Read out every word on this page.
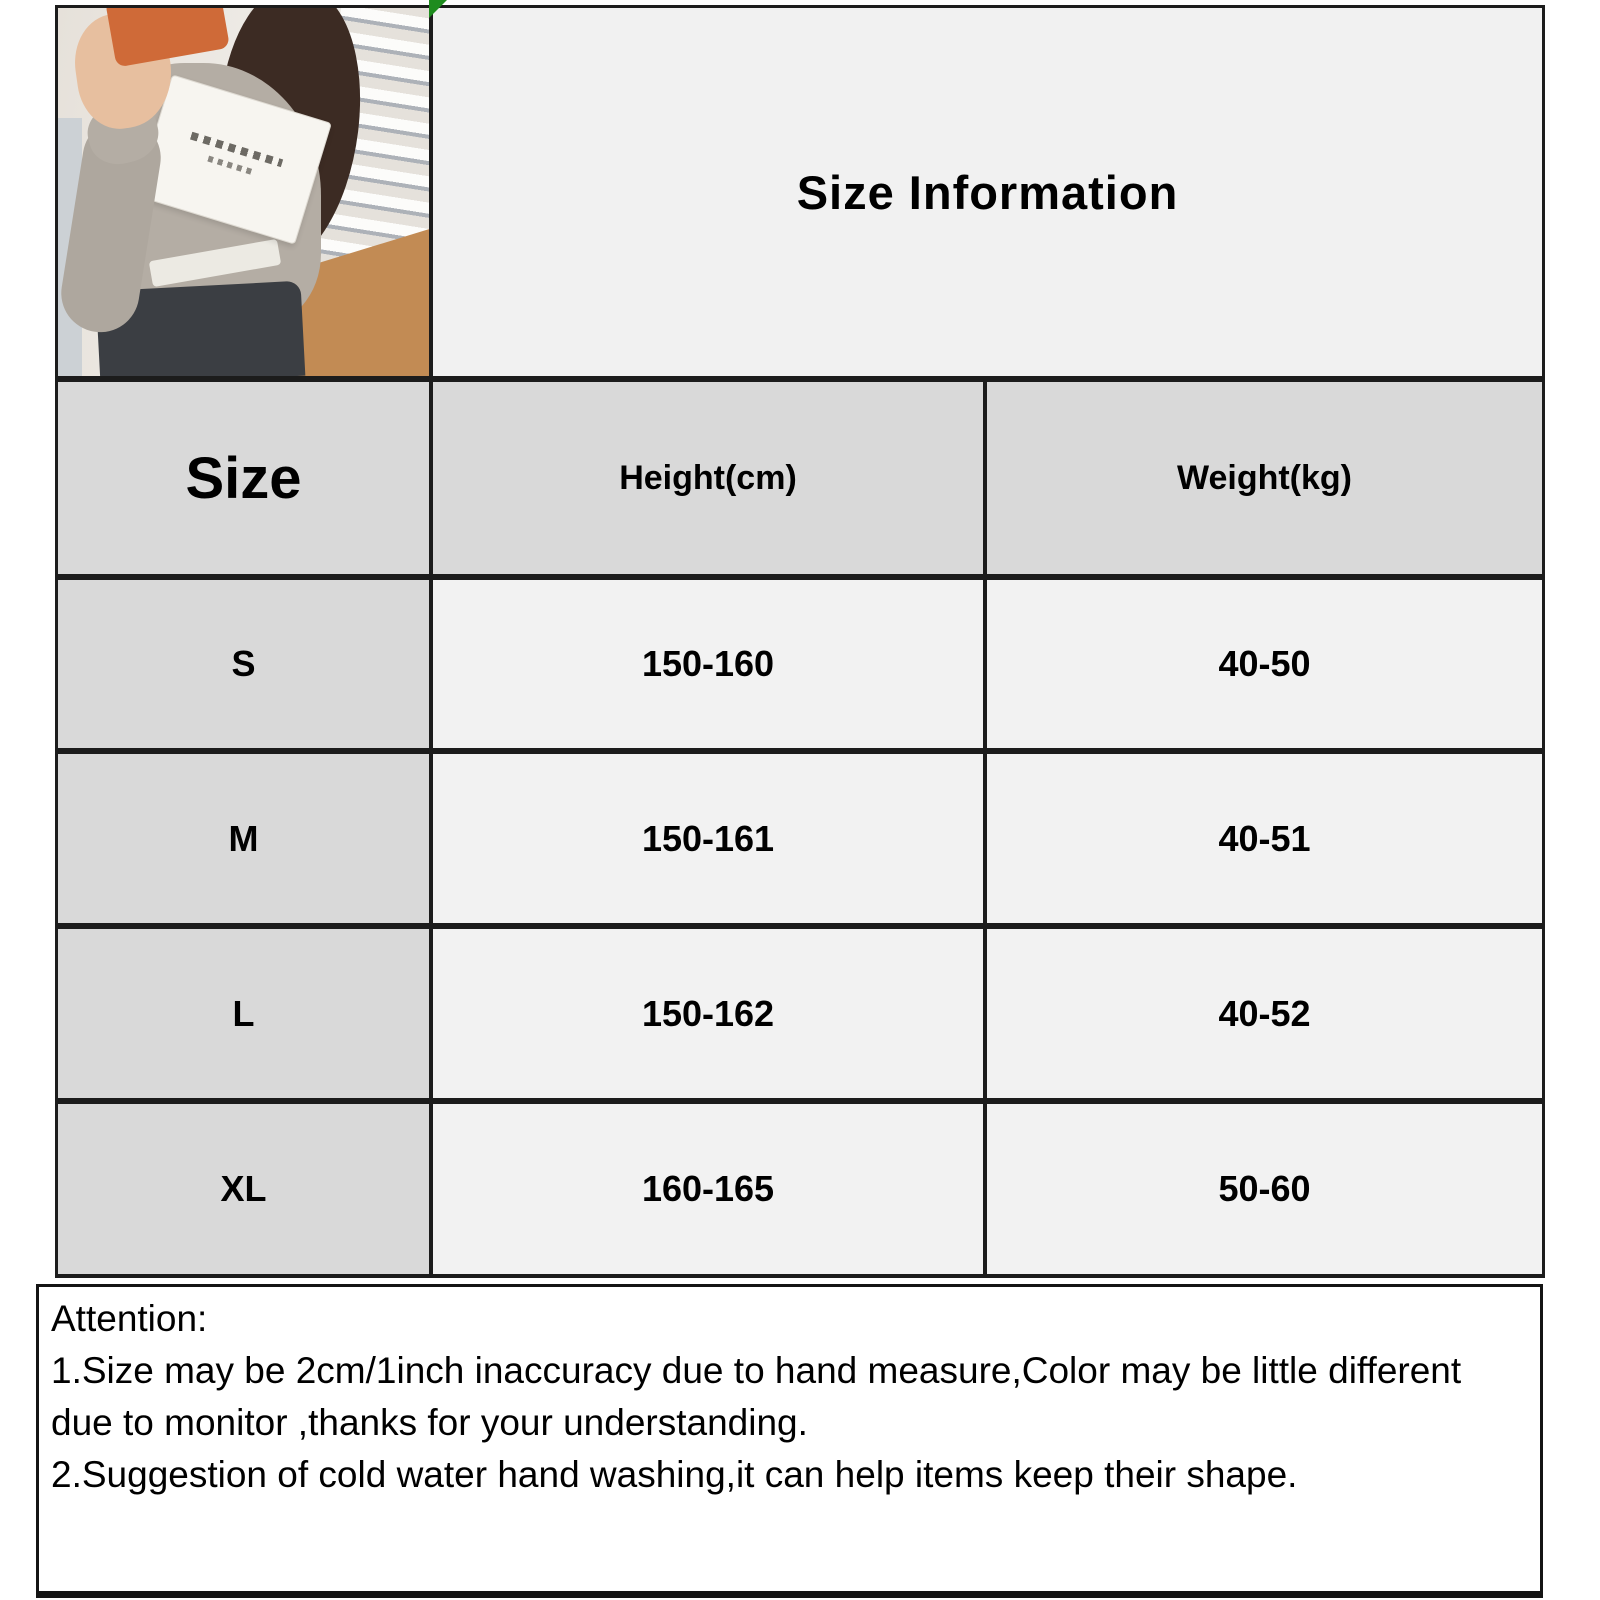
Size Information
Size	Height(cm)	Weight(kg)
S	150-160	40-50
M	150-161	40-51
L	150-162	40-52
XL	160-165	50-60
Attention:
1.Size may be 2cm/1inch inaccuracy due to hand measure,Color may be little different due to monitor ,thanks for your understanding.
2.Suggestion of cold water hand washing,it can help items keep their shape.
